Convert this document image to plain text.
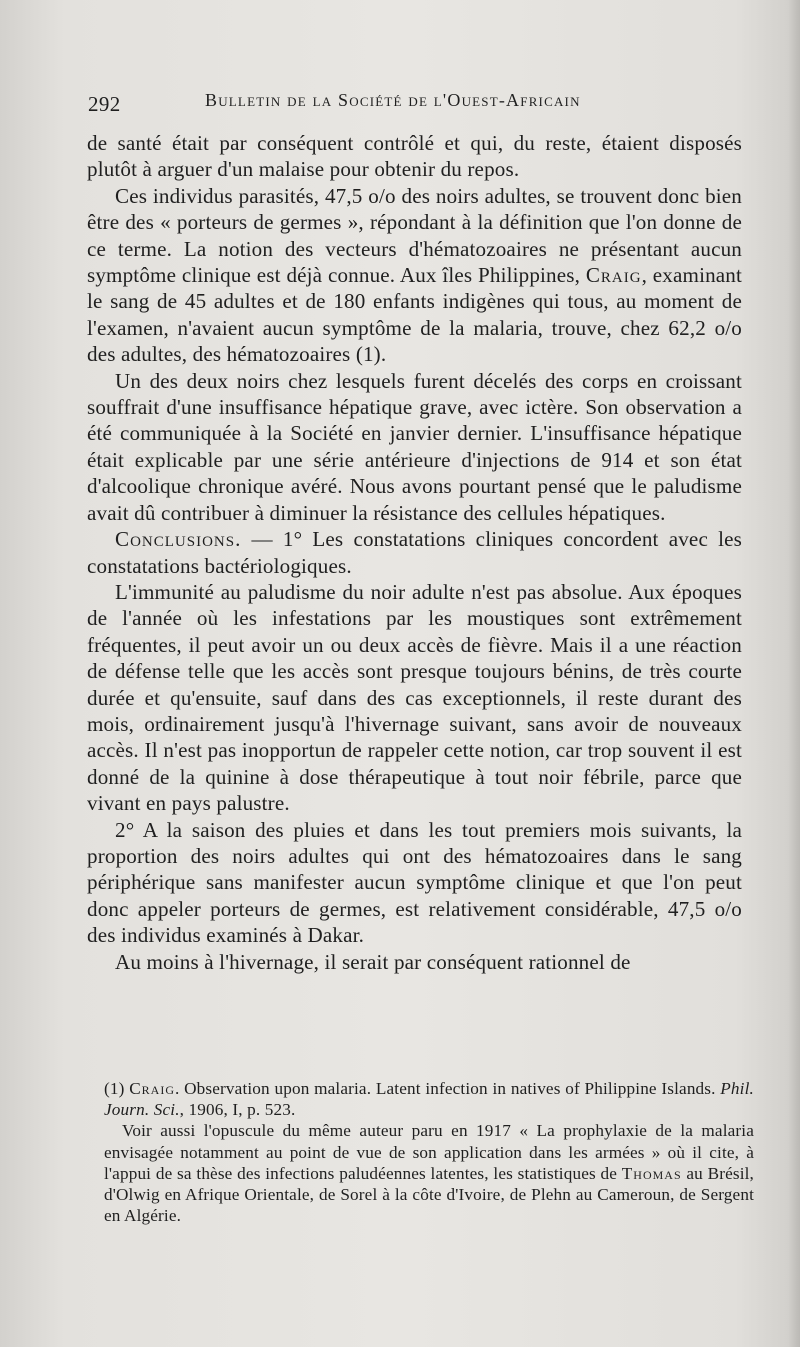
292	Bulletin de la Société de l'Ouest-Africain

de santé était par conséquent contrôlé et qui, du reste, étaient disposés plutôt à arguer d'un malaise pour obtenir du repos.

Ces individus parasités, 47,5 o/o des noirs adultes, se trouvent donc bien être des « porteurs de germes », répondant à la définition que l'on donne de ce terme. La notion des vecteurs d'hématozoaires ne présentant aucun symptôme clinique est déjà connue. Aux îles Philippines, Craig, examinant le sang de 45 adultes et de 180 enfants indigènes qui tous, au moment de l'examen, n'avaient aucun symptôme de la malaria, trouve, chez 62,2 o/o des adultes, des hématozoaires (1).

Un des deux noirs chez lesquels furent décelés des corps en croissant souffrait d'une insuffisance hépatique grave, avec ictère. Son observation a été communiquée à la Société en janvier dernier. L'insuffisance hépatique était explicable par une série antérieure d'injections de 914 et son état d'alcoolique chronique avéré. Nous avons pourtant pensé que le paludisme avait dû contribuer à diminuer la résistance des cellules hépatiques.

Conclusions. — 1° Les constatations cliniques concordent avec les constatations bactériologiques.

L'immunité au paludisme du noir adulte n'est pas absolue. Aux époques de l'année où les infestations par les moustiques sont extrêmement fréquentes, il peut avoir un ou deux accès de fièvre. Mais il a une réaction de défense telle que les accès sont presque toujours bénins, de très courte durée et qu'ensuite, sauf dans des cas exceptionnels, il reste durant des mois, ordinairement jusqu'à l'hivernage suivant, sans avoir de nouveaux accès. Il n'est pas inopportun de rappeler cette notion, car trop souvent il est donné de la quinine à dose thérapeutique à tout noir fébrile, parce que vivant en pays palustre.

2° A la saison des pluies et dans les tout premiers mois suivants, la proportion des noirs adultes qui ont des hématozoaires dans le sang périphérique sans manifester aucun symptôme clinique et que l'on peut donc appeler porteurs de germes, est relativement considérable, 47,5 o/o des individus examinés à Dakar.

Au moins à l'hivernage, il serait par conséquent rationnel de

(1) Craig. Observation upon malaria. Latent infection in natives of Philippine Islands. Phil. Journ. Sci., 1906, I, p. 523.

Voir aussi l'opuscule du même auteur paru en 1917 « La prophylaxie de la malaria envisagée notamment au point de vue de son application dans les armées » où il cite, à l'appui de sa thèse des infections paludéennes latentes, les statistiques de Thomas au Brésil, d'Olwig en Afrique Orientale, de Sorel à la côte d'Ivoire, de Plehn au Cameroun, de Sergent en Algérie.
